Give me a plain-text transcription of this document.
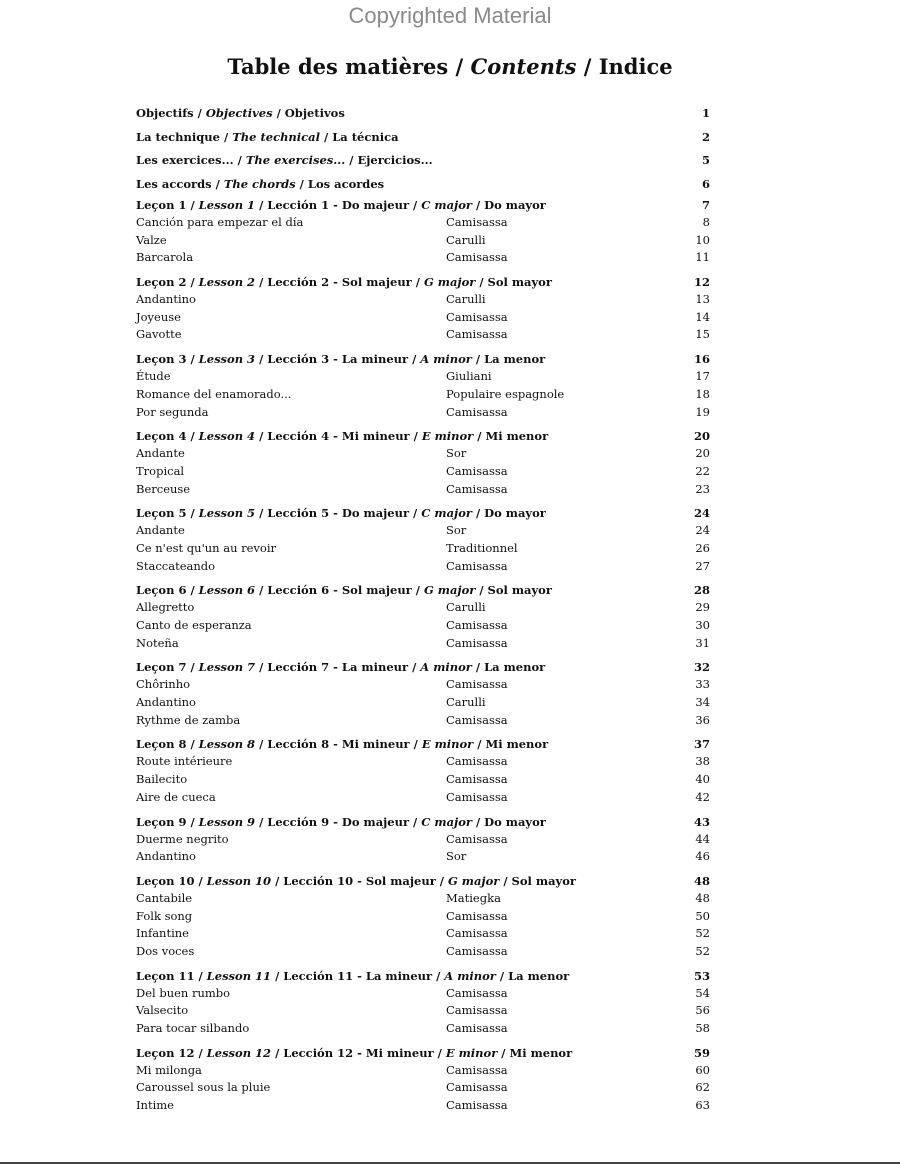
Copyrighted Material
Table des matières / Contents / Indice
Objectifs / Objectives / Objetivos	1
La technique / The technical / La técnica	2
Les exercices... / The exercises... / Ejercicios...	5
Les accords / The chords / Los acordes	6
Leçon 1 / Lesson 1 / Lección 1 - Do majeur / C major / Do mayor	7
Canción para empezar el día	Camisassa	8
Valze	Carulli	10
Barcarola	Camisassa	11
Leçon 2 / Lesson 2 / Lección 2 - Sol majeur / G major / Sol mayor	12
Andantino	Carulli	13
Joyeuse	Camisassa	14
Gavotte	Camisassa	15
Leçon 3 / Lesson 3 / Lección 3 - La mineur / A minor / La menor	16
Étude	Giuliani	17
Romance del enamorado...	Populaire espagnole	18
Por segunda	Camisassa	19
Leçon 4 / Lesson 4 / Lección 4 - Mi mineur / E minor / Mi menor	20
Andante	Sor	20
Tropical	Camisassa	22
Berceuse	Camisassa	23
Leçon 5 / Lesson 5 / Lección 5 - Do majeur / C major / Do mayor	24
Andante	Sor	24
Ce n'est qu'un au revoir	Traditionnel	26
Staccateando	Camisassa	27
Leçon 6 / Lesson 6 / Lección 6 - Sol majeur / G major / Sol mayor	28
Allegretto	Carulli	29
Canto de esperanza	Camisassa	30
Noteña	Camisassa	31
Leçon 7 / Lesson 7 / Lección 7 - La mineur / A minor / La menor	32
Chôrinho	Camisassa	33
Andantino	Carulli	34
Rythme de zamba	Camisassa	36
Leçon 8 / Lesson 8 / Lección 8 - Mi mineur / E minor / Mi menor	37
Route intérieure	Camisassa	38
Bailecito	Camisassa	40
Aire de cueca	Camisassa	42
Leçon 9 / Lesson 9 / Lección 9 - Do majeur / C major / Do mayor	43
Duerme negrito	Camisassa	44
Andantino	Sor	46
Leçon 10 / Lesson 10 / Lección 10 - Sol majeur / G major / Sol mayor	48
Cantabile	Matiegka	48
Folk song	Camisassa	50
Infantine	Camisassa	52
Dos voces	Camisassa	52
Leçon 11 / Lesson 11 / Lección 11 - La mineur / A minor / La menor	53
Del buen rumbo	Camisassa	54
Valsecito	Camisassa	56
Para tocar silbando	Camisassa	58
Leçon 12 / Lesson 12 / Lección 12 - Mi mineur / E minor / Mi menor	59
Mi milonga	Camisassa	60
Caroussel sous la pluie	Camisassa	62
Intime	Camisassa	63
